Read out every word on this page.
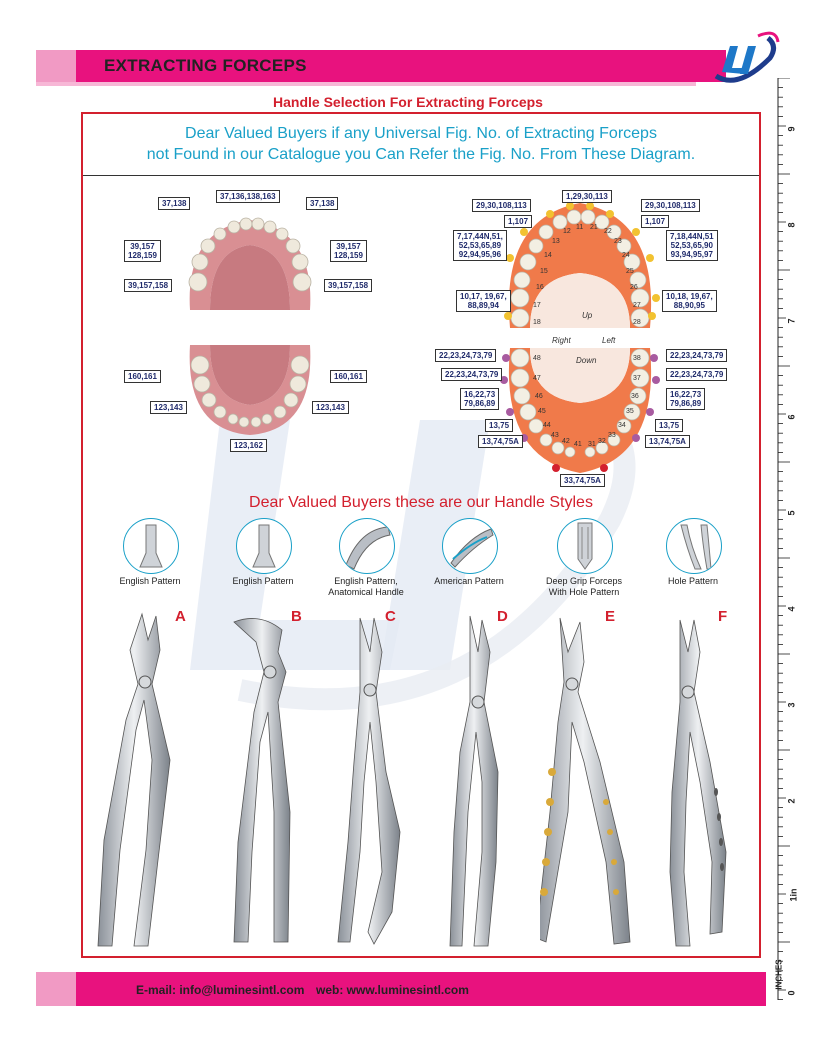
EXTRACTING FORCEPS
Handle Selection For Extracting Forceps
Dear Valued Buyers if any Universal Fig. No. of Extracting Forceps
not Found in our Catalogue you Can Refer the Fig. No. From These Diagram.
37,138
37,136,138,163
37,138
39,157
128,159
39,157
128,159
39,157,158	39,157,158
160,161	160,161
123,143	123,143
123,162
Up
Right	Left
Down
1,29,30,113
29,30,108,113	29,30,108,113
1,107	1,107
7,17,44N,51,
52,53,65,89
92,94,95,96
7,18,44N,51
52,53,65,90
93,94,95,97
10,17, 19,67,
88,89,94
10,18, 19,67,
88,90,95
22,23,24,73,79	22,23,24,73,79
22,23,24,73,79	22,23,24,73,79
16,22,73
79,86,89
16,22,73
79,86,89
13,75	13,75
13,74,75A	13,74,75A
33,74,75A
11
12
13
14
15
16
17
18
21
22
23
24
25
26
27
28
31 32
33
34
35
36
37
38
41
42
43
44
45
46
47
48
Dear Valued Buyers these are our Handle Styles
English Pattern	English Pattern	English Pattern,
Anatomical Handle
American Pattern	Deep Grip Forceps
With Hole Pattern
Hole Pattern
A	B	C	D	E	F
9
8
7
6
5
4
3
2
1in
0
INCHES
E-mail: info@luminesintl.com web: www.luminesintl.com
